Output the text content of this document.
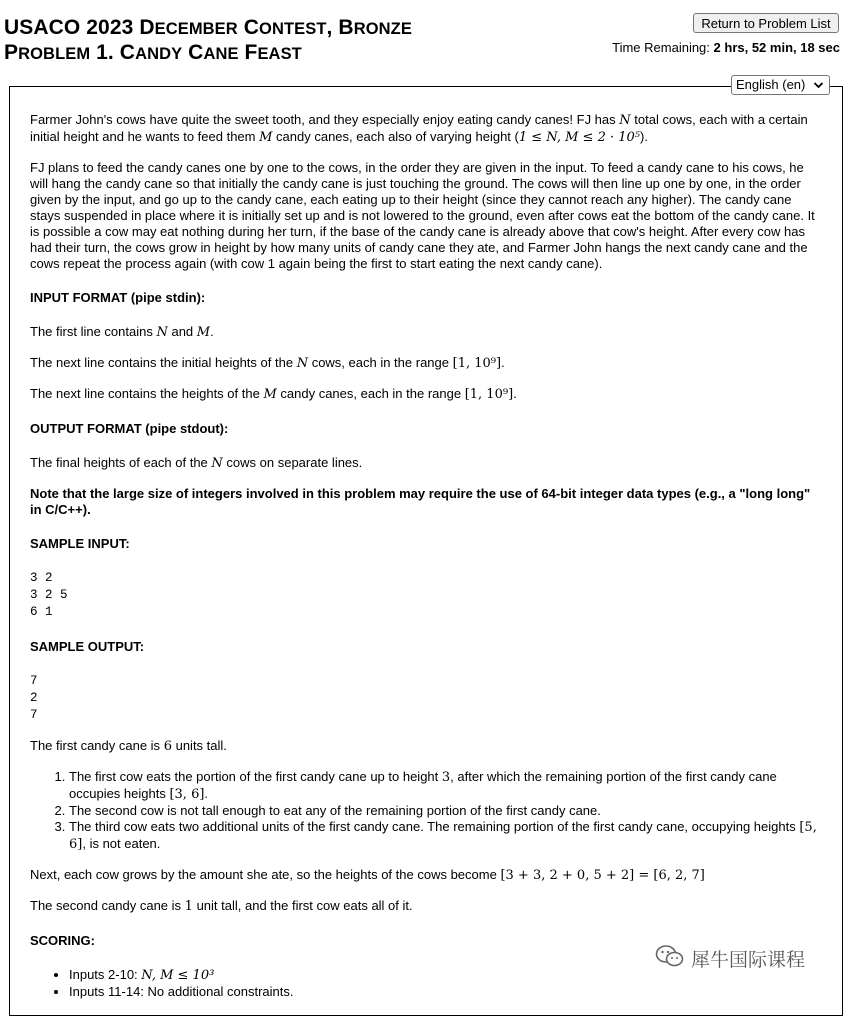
USACO 2023 DECEMBER CONTEST, BRONZE
PROBLEM 1. CANDY CANE FEAST
Return to Problem List
Time Remaining: 2 hrs, 52 min, 18 sec
English (en)

Farmer John's cows have quite the sweet tooth, and they especially enjoy eating candy canes! FJ has N total cows, each with a certain initial height and he wants to feed them M candy canes, each also of varying height (1 ≤ N, M ≤ 2 · 10⁵).

FJ plans to feed the candy canes one by one to the cows, in the order they are given in the input. To feed a candy cane to his cows, he will hang the candy cane so that initially the candy cane is just touching the ground. The cows will then line up one by one, in the order given by the input, and go up to the candy cane, each eating up to their height (since they cannot reach any higher). The candy cane stays suspended in place where it is initially set up and is not lowered to the ground, even after cows eat the bottom of the candy cane. It is possible a cow may eat nothing during her turn, if the base of the candy cane is already above that cow's height. After every cow has had their turn, the cows grow in height by how many units of candy cane they ate, and Farmer John hangs the next candy cane and the cows repeat the process again (with cow 1 again being the first to start eating the next candy cane).

INPUT FORMAT (pipe stdin):

The first line contains N and M.

The next line contains the initial heights of the N cows, each in the range [1, 10⁹].

The next line contains the heights of the M candy canes, each in the range [1, 10⁹].

OUTPUT FORMAT (pipe stdout):

The final heights of each of the N cows on separate lines.

Note that the large size of integers involved in this problem may require the use of 64-bit integer data types (e.g., a "long long" in C/C++).

SAMPLE INPUT:

3 2
3 2 5
6 1

SAMPLE OUTPUT:

7
2
7

The first candy cane is 6 units tall.

1. The first cow eats the portion of the first candy cane up to height 3, after which the remaining portion of the first candy cane occupies heights [3, 6].
2. The second cow is not tall enough to eat any of the remaining portion of the first candy cane.
3. The third cow eats two additional units of the first candy cane. The remaining portion of the first candy cane, occupying heights [5, 6], is not eaten.

Next, each cow grows by the amount she ate, so the heights of the cows become [3 + 3, 2 + 0, 5 + 2] = [6, 2, 7]

The second candy cane is 1 unit tall, and the first cow eats all of it.

SCORING:

• Inputs 2-10: N, M ≤ 10³
• Inputs 11-14: No additional constraints.
犀牛国际课程
